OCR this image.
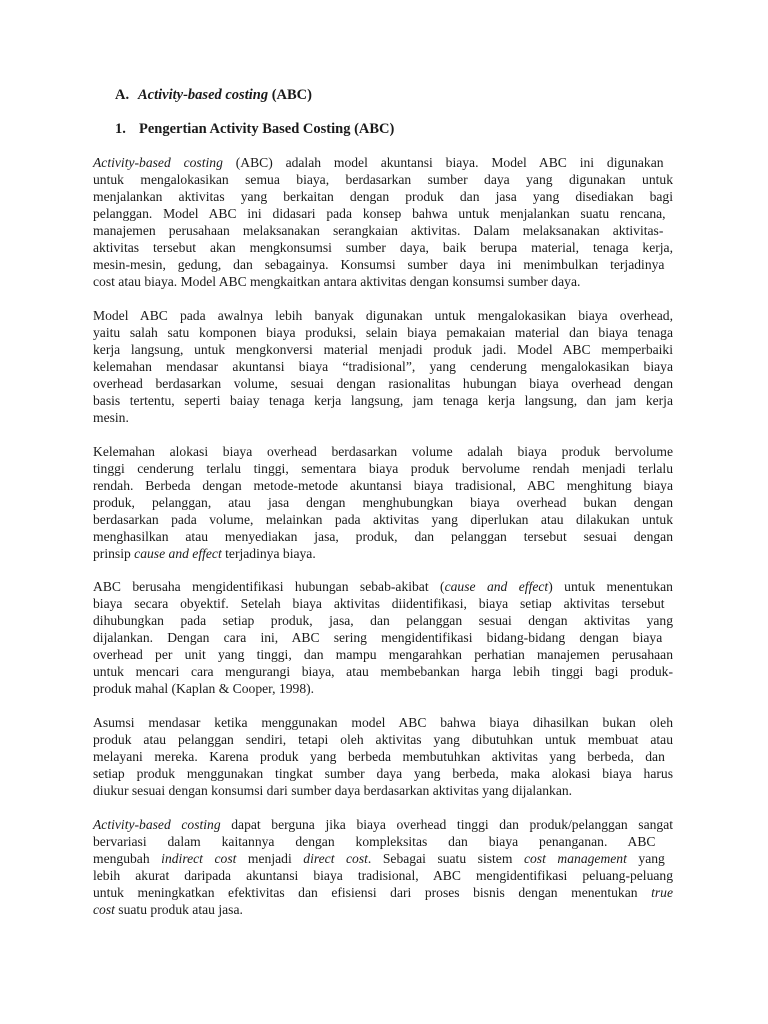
A. Activity-based costing (ABC)
1. Pengertian Activity Based Costing (ABC)
Activity-based costing (ABC) adalah model akuntansi biaya. Model ABC ini digunakan
untuk mengalokasikan semua biaya, berdasarkan sumber daya yang digunakan untuk
menjalankan aktivitas yang berkaitan dengan produk dan jasa yang disediakan bagi
pelanggan. Model ABC ini didasari pada konsep bahwa untuk menjalankan suatu rencana,
manajemen perusahaan melaksanakan serangkaian aktivitas. Dalam melaksanakan aktivitas-
aktivitas tersebut akan mengkonsumsi sumber daya, baik berupa material, tenaga kerja,
mesin-mesin, gedung, dan sebagainya. Konsumsi sumber daya ini menimbulkan terjadinya
cost atau biaya. Model ABC mengkaitkan antara aktivitas dengan konsumsi sumber daya.
Model ABC pada awalnya lebih banyak digunakan untuk mengalokasikan biaya overhead,
yaitu salah satu komponen biaya produksi, selain biaya pemakaian material dan biaya tenaga
kerja langsung, untuk mengkonversi material menjadi produk jadi. Model ABC memperbaiki
kelemahan mendasar akuntansi biaya “tradisional”, yang cenderung mengalokasikan biaya
overhead berdasarkan volume, sesuai dengan rasionalitas hubungan biaya overhead dengan
basis tertentu, seperti baiay tenaga kerja langsung, jam tenaga kerja langsung, dan jam kerja
mesin.
Kelemahan alokasi biaya overhead berdasarkan volume adalah biaya produk bervolume
tinggi cenderung terlalu tinggi, sementara biaya produk bervolume rendah menjadi terlalu
rendah. Berbeda dengan metode-metode akuntansi biaya tradisional, ABC menghitung biaya
produk, pelanggan, atau jasa dengan menghubungkan biaya overhead bukan dengan
berdasarkan pada volume, melainkan pada aktivitas yang diperlukan atau dilakukan untuk
menghasilkan atau menyediakan jasa, produk, dan pelanggan tersebut sesuai dengan
prinsip cause and effect terjadinya biaya.
ABC berusaha mengidentifikasi hubungan sebab-akibat (cause and effect) untuk menentukan
biaya secara obyektif. Setelah biaya aktivitas diidentifikasi, biaya setiap aktivitas tersebut
dihubungkan pada setiap produk, jasa, dan pelanggan sesuai dengan aktivitas yang
dijalankan. Dengan cara ini, ABC sering mengidentifikasi bidang-bidang dengan biaya
overhead per unit yang tinggi, dan mampu mengarahkan perhatian manajemen perusahaan
untuk mencari cara mengurangi biaya, atau membebankan harga lebih tinggi bagi produk-
produk mahal (Kaplan & Cooper, 1998).
Asumsi mendasar ketika menggunakan model ABC bahwa biaya dihasilkan bukan oleh
produk atau pelanggan sendiri, tetapi oleh aktivitas yang dibutuhkan untuk membuat atau
melayani mereka. Karena produk yang berbeda membutuhkan aktivitas yang berbeda, dan
setiap produk menggunakan tingkat sumber daya yang berbeda, maka alokasi biaya harus
diukur sesuai dengan konsumsi dari sumber daya berdasarkan aktivitas yang dijalankan.
Activity-based costing dapat berguna jika biaya overhead tinggi dan produk/pelanggan sangat
bervariasi dalam kaitannya dengan kompleksitas dan biaya penanganan. ABC
mengubah indirect cost menjadi direct cost. Sebagai suatu sistem cost management yang
lebih akurat daripada akuntansi biaya tradisional, ABC mengidentifikasi peluang-peluang
untuk meningkatkan efektivitas dan efisiensi dari proses bisnis dengan menentukan true
cost suatu produk atau jasa.
